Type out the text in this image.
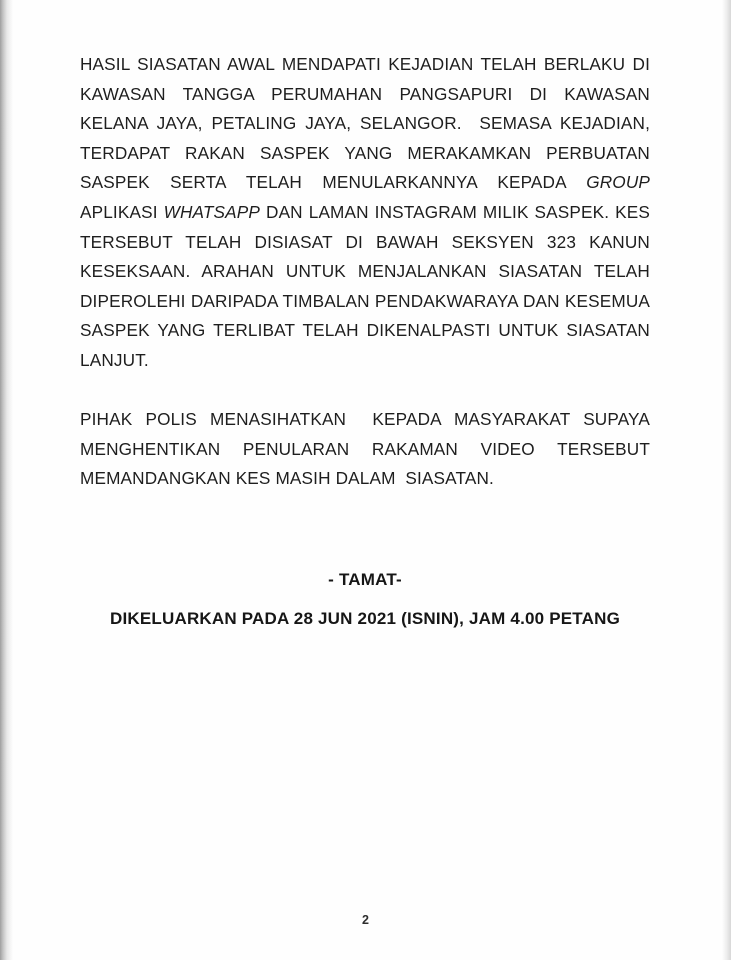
HASIL SIASATAN AWAL MENDAPATI KEJADIAN TELAH BERLAKU DI
KAWASAN TANGGA PERUMAHAN PANGSAPURI DI KAWASAN
KELANA JAYA, PETALING JAYA, SELANGOR.  SEMASA KEJADIAN,
TERDAPAT RAKAN SASPEK YANG MERAKAMKAN PERBUATAN
SASPEK SERTA TELAH MENULARKANNYA KEPADA GROUP
APLIKASI WHATSAPP DAN LAMAN INSTAGRAM MILIK SASPEK. KES
TERSEBUT TELAH DISIASAT DI BAWAH SEKSYEN 323 KANUN
KESEKSAAN. ARAHAN UNTUK MENJALANKAN SIASATAN TELAH
DIPEROLEHI DARIPADA TIMBALAN PENDAKWARAYA DAN KESEMUA
SASPEK YANG TERLIBAT TELAH DIKENALPASTI UNTUK SIASATAN
LANJUT.
PIHAK POLIS MENASIHATKAN  KEPADA MASYARAKAT SUPAYA
MENGHENTIKAN PENULARAN RAKAMAN VIDEO TERSEBUT
MEMANDANGKAN KES MASIH DALAM  SIASATAN.
- TAMAT-
DIKELUARKAN PADA 28 JUN 2021 (ISNIN), JAM 4.00 PETANG
2
